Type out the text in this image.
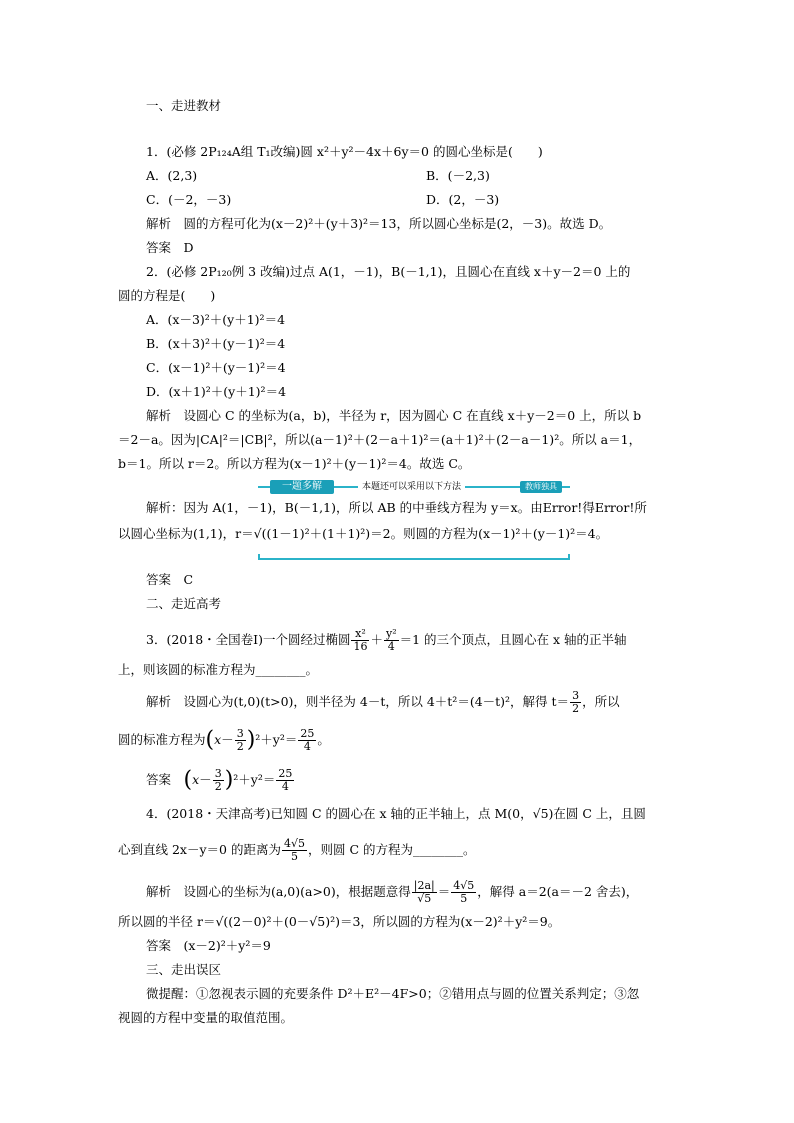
一、走进教材
1．(必修 2P₁₂₄A组 T₁改编)圆 x²＋y²－4x＋6y＝0 的圆心坐标是(　　)
A．(2,3)	B．(－2,3)
C．(－2，－3)	D．(2，－3)
解析　圆的方程可化为(x－2)²＋(y＋3)²＝13，所以圆心坐标是(2，－3)。故选 D。
答案　D
2．(必修 2P₁₂₀例 3 改编)过点 A(1，－1)，B(－1,1)，且圆心在直线 x＋y－2＝0 上的
圆的方程是(　　)
A．(x－3)²＋(y＋1)²＝4
B．(x＋3)²＋(y－1)²＝4
C．(x－1)²＋(y－1)²＝4
D．(x＋1)²＋(y＋1)²＝4
解析　设圆心 C 的坐标为(a，b)，半径为 r，因为圆心 C 在直线 x＋y－2＝0 上，所以 b
＝2－a。因为|CA|²＝|CB|²，所以(a－1)²＋(2－a＋1)²＝(a＋1)²＋(2－a－1)²。所以 a＝1，
b＝1。所以 r＝2。所以方程为(x－1)²＋(y－1)²＝4。故选 C。
一题多解	本题还可以采用以下方法	教师独具
解析：因为 A(1，－1)，B(－1,1)，所以 AB 的中垂线方程为 y＝x。由Error!得Error!所
以圆心坐标为(1,1)，r＝√((1－1)²＋(1＋1)²)＝2。则圆的方程为(x－1)²＋(y－1)²＝4。
答案　C
二、走近高考
3．(2018・全国卷Ⅰ)一个圆经过椭圆 $\frac{\text{x²}}{16} + \frac{\text{y²}}{4} =1$ 的三个顶点，且圆心在 x 轴的正半轴
上，则该圆的标准方程为________。
解析　设圆心为(t,0)(t>0)，则半径为 4－t，所以 4＋t²＝(4－t)²，解得 $t= \frac{3}{2}$ ，所以
圆的标准方程为$(x- \frac{3}{2} )^2+y^2= \frac{25}{4}$ 。
答案　$(x- \frac{3}{2} )^2+y^2= \frac{25}{4}$
4．(2018・天津高考)已知圆 C 的圆心在 x 轴的正半轴上，点 M(0，√5)在圆 C 上，且圆
心到直线 2x－y＝0 的距离为 $\frac{4√5}{5}$ ，则圆 C 的方程为________。
解析　设圆心的坐标为(a,0)(a>0)，根据题意得 $\frac{|2a|}{√5} = \frac{4√5}{5}$ ，解得 a＝2(a＝－2 舍去)，
所以圆的半径 r＝√((2－0)²＋(0－√5)²)＝3，所以圆的方程为(x－2)²＋y²＝9。
答案　(x－2)²＋y²＝9
三、走出误区
微提醒：①忽视表示圆的充要条件 D²＋E²－4F>0；②错用点与圆的位置关系判定；③忽
视圆的方程中变量的取值范围。
